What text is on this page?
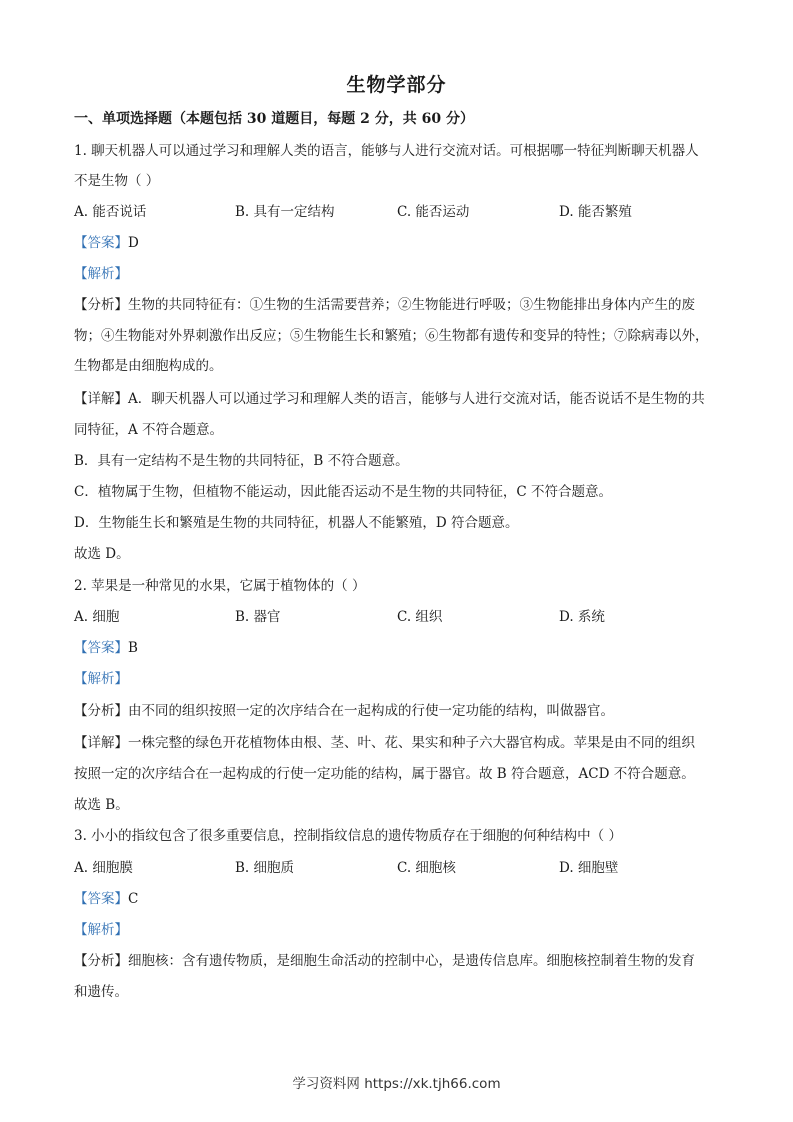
生物学部分
一、单项选择题（本题包括 30 道题目，每题 2 分，共 60 分）
1. 聊天机器人可以通过学习和理解人类的语言，能够与人进行交流对话。可根据哪一特征判断聊天机器人
不是生物（ ）
A. 能否说话	B. 具有一定结构	C. 能否运动	D. 能否繁殖
【答案】D
【解析】
【分析】生物的共同特征有：①生物的生活需要营养；②生物能进行呼吸；③生物能排出身体内产生的废
物；④生物能对外界刺激作出反应；⑤生物能生长和繁殖；⑥生物都有遗传和变异的特性；⑦除病毒以外，
生物都是由细胞构成的。
【详解】A．聊天机器人可以通过学习和理解人类的语言，能够与人进行交流对话，能否说话不是生物的共
同特征，A 不符合题意。
B．具有一定结构不是生物的共同特征，B 不符合题意。
C．植物属于生物，但植物不能运动，因此能否运动不是生物的共同特征，C 不符合题意。
D．生物能生长和繁殖是生物的共同特征，机器人不能繁殖，D 符合题意。
故选 D。
2. 苹果是一种常见的水果，它属于植物体的（ ）
A. 细胞	B. 器官	C. 组织	D. 系统
【答案】B
【解析】
【分析】由不同的组织按照一定的次序结合在一起构成的行使一定功能的结构，叫做器官。
【详解】一株完整的绿色开花植物体由根、茎、叶、花、果实和种子六大器官构成。苹果是由不同的组织
按照一定的次序结合在一起构成的行使一定功能的结构，属于器官。故 B 符合题意，ACD 不符合题意。
故选 B。
3. 小小的指纹包含了很多重要信息，控制指纹信息的遗传物质存在于细胞的何种结构中（ ）
A. 细胞膜	B. 细胞质	C. 细胞核	D. 细胞壁
【答案】C
【解析】
【分析】细胞核：含有遗传物质，是细胞生命活动的控制中心，是遗传信息库。细胞核控制着生物的发育
和遗传。
学习资料网 https://xk.tjh66.com
